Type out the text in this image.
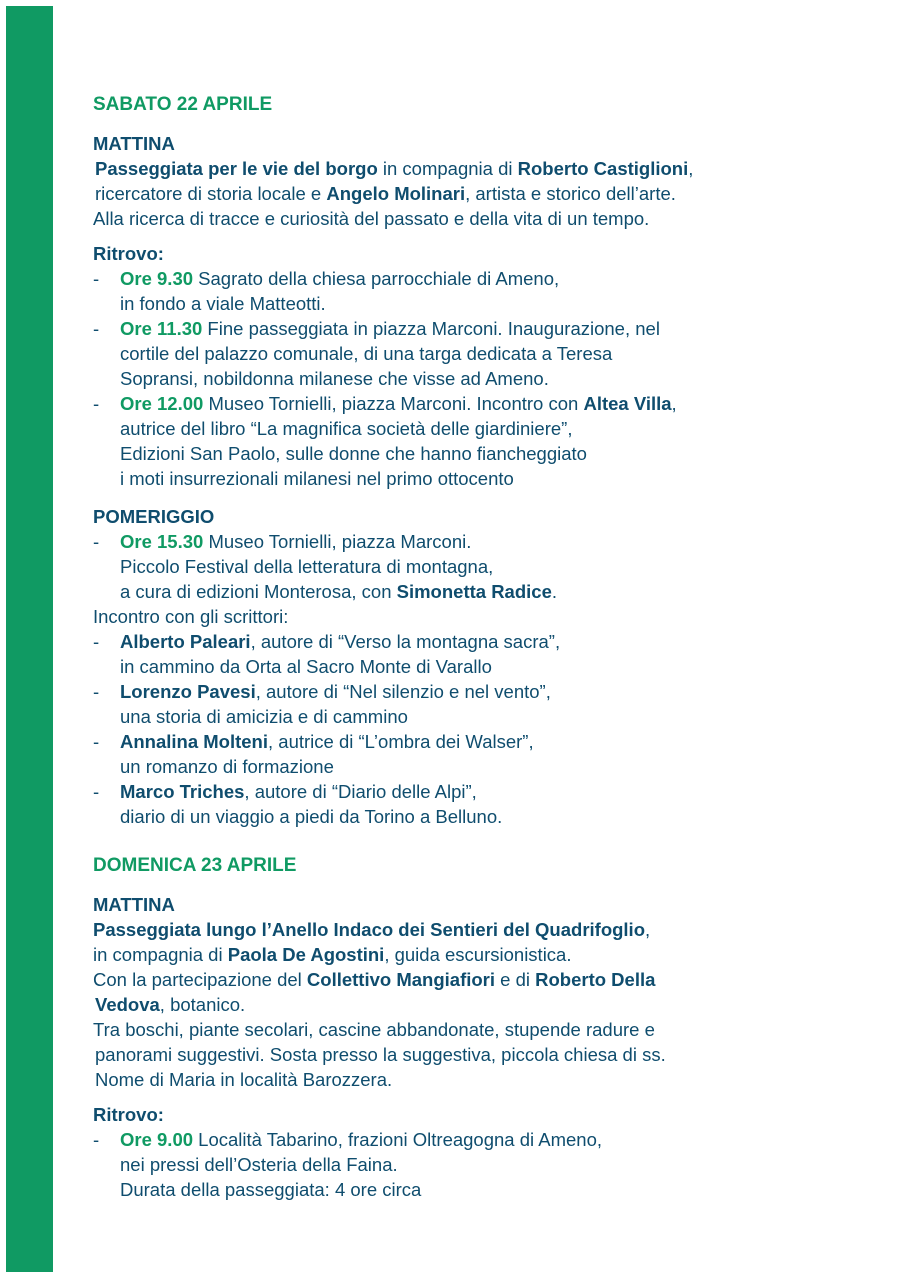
SABATO 22 APRILE

MATTINA

Passeggiata per le vie del borgo in compagnia di Roberto Castiglioni,

ricercatore di storia locale e Angelo Molinari, artista e storico dell’arte.

Alla ricerca di tracce e curiosità del passato e della vita di un tempo.

Ritrovo:

- Ore 9.30 Sagrato della chiesa parrocchiale di Ameno,
in fondo a viale Matteotti.
- Ore 11.30 Fine passeggiata in piazza Marconi. Inaugurazione, nel
cortile del palazzo comunale, di una targa dedicata a Teresa
Sopransi, nobildonna milanese che visse ad Ameno.
- Ore 12.00 Museo Tornielli, piazza Marconi. Incontro con Altea Villa,
autrice del libro “La magnifica società delle giardiniere”,
Edizioni San Paolo, sulle donne che hanno fiancheggiato
i moti insurrezionali milanesi nel primo ottocento

POMERIGGIO

- Ore 15.30 Museo Tornielli, piazza Marconi.
Piccolo Festival della letteratura di montagna,
a cura di edizioni Monterosa, con Simonetta Radice.

Incontro con gli scrittori:

- Alberto Paleari, autore di “Verso la montagna sacra”,
in cammino da Orta al Sacro Monte di Varallo
- Lorenzo Pavesi, autore di “Nel silenzio e nel vento”,
una storia di amicizia e di cammino
- Annalina Molteni, autrice di “L’ombra dei Walser”,
un romanzo di formazione
- Marco Triches, autore di “Diario delle Alpi”,
diario di un viaggio a piedi da Torino a Belluno.

DOMENICA 23 APRILE

MATTINA

Passeggiata lungo l’Anello Indaco dei Sentieri del Quadrifoglio,

in compagnia di Paola De Agostini, guida escursionistica.

Con la partecipazione del Collettivo Mangiafiori e di Roberto Della

Vedova, botanico.

Tra boschi, piante secolari, cascine abbandonate, stupende radure e

panorami suggestivi. Sosta presso la suggestiva, piccola chiesa di ss.

Nome di Maria in località Barozzera.

Ritrovo:

- Ore 9.00 Località Tabarino, frazioni Oltreagogna di Ameno,
nei pressi dell’Osteria della Faina.
Durata della passeggiata: 4 ore circa
